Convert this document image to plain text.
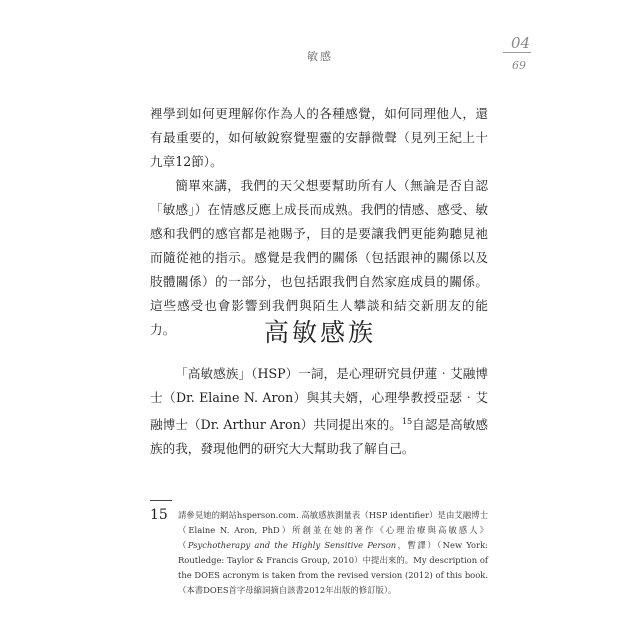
敏感
04
69

裡學到如何更理解你作為人的各種感覺，如何同理他人，還有最重要的，如何敏銳察覺聖靈的安靜微聲（見列王紀上十九章12節）。

簡單來講，我們的天父想要幫助所有人（無論是否自認「敏感」）在情感反應上成長而成熟。我們的情感、感受、敏感和我們的感官都是祂賜予，目的是要讓我們更能夠聽見祂而隨從祂的指示。感覺是我們的關係（包括跟神的關係以及肢體關係）的一部分，也包括跟我們自然家庭成員的關係。這些感受也會影響到我們與陌生人攀談和結交新朋友的能力。	高敏感族

「高敏感族」（HSP）一詞，是心理研究員伊蓮‧艾融博士（Dr. Elaine N. Aron）與其夫婿，心理學教授亞瑟‧艾融博士（Dr. Arthur Aron）共同提出來的。$^{15}$自認是高敏感族的我，發現他們的研究大大幫助我了解自己。

15 請參見她的網站hsperson.com. 高敏感族測量表（HSP identifier）是由艾融博士（Elaine N. Aron, PhD）所創並在她的著作《心理治療與高敏感人》（Psychotherapy and the Highly Sensitive Person，暫譯）（New York: Routledge: Taylor & Francis Group, 2010）中提出來的。My description of the DOES acronym is taken from the revised version (2012) of this book.（本書DOES首字母縮詞摘自該書2012年出版的修訂版）。
